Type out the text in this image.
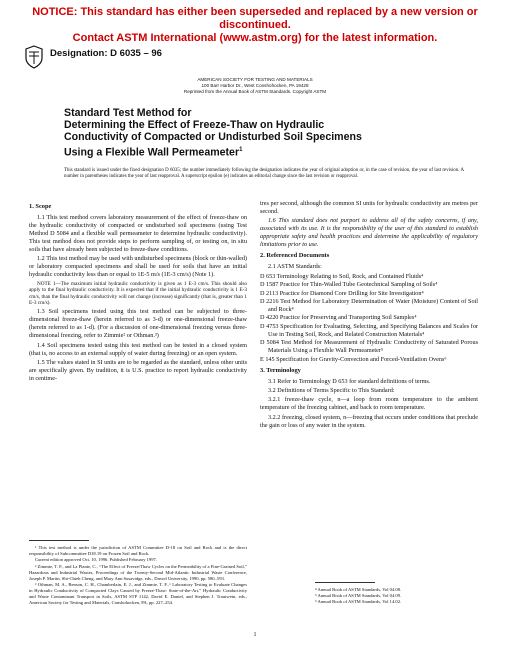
NOTICE: This standard has either been superseded and replaced by a new version or discontinued.
Contact ASTM International (www.astm.org) for the latest information.
Designation: D 6035 – 96
AMERICAN SOCIETY FOR TESTING AND MATERIALS
100 Barr Harbor Dr., West Conshohocken, PA 19428
Reprinted from the Annual Book of ASTM Standards. Copyright ASTM
Standard Test Method for
Determining the Effect of Freeze-Thaw on Hydraulic
Conductivity of Compacted or Undisturbed Soil Specimens
Using a Flexible Wall Permeameter$^1$
This standard is issued under the fixed designation D 6035; the number immediately following the designation indicates the year of original adoption or, in the case of revision, the year of last revision. A number in parentheses indicates the year of last reapproval. A superscript epsilon (e) indicates an editorial change since the last revision or reapproval.
1. Scope

1.1 This test method covers laboratory measurement of the effect of freeze-thaw on the hydraulic conductivity of compacted or undisturbed soil specimens (using Test Method D 5084 and a flexible wall permeameter to determine hydraulic conductivity). This test method does not provide steps to perform sampling of, or testing on, in situ soils that have already been subjected to freeze-thaw conditions.

1.2 This test method may be used with undisturbed specimens (block or thin-walled) or laboratory compacted specimens and shall be used for soils that have an initial hydraulic conductivity less than or equal to 1E-5 m/s (1E-3 cm/s) (Note 1).

NOTE 1—The maximum initial hydraulic conductivity is given as 1 E-3 cm/s. This should also apply to the final hydraulic conductivity. It is expected that if the initial hydraulic conductivity is 1 E-3 cm/s, than the final hydraulic conductivity will not change (increase) significantly (that is, greater than 1 E-3 cm/s).

1.3 Soil specimens tested using this test method can be subjected to three-dimensional freeze-thaw (herein referred to as 3-d) or one-dimensional freeze-thaw (herein referred to as 1-d). (For a discussion of one-dimensional freezing versus three-dimensional freezing, refer to Zimmie² or Othman.³)

1.4 Soil specimens tested using this test method can be tested in a closed system (that is, no access to an external supply of water during freezing) or an open system.

1.5 The values stated in SI units are to be regarded as the standard, unless other units are specifically given. By tradition, it is U.S. practice to report hydraulic conductivity in centime-

¹ This test method is under the jurisdiction of ASTM Committee D-18 on Soil and Rock and is the direct responsibility of Subcommittee D18.19 on Frozen Soil and Rock.

Current edition approved Oct. 10, 1996. Published February 1997.

² Zimmie, T. F., and La Plante, C., “The Effect of Freeze/Thaw Cycles on the Permeability of a Fine-Grained Soil,” Hazardous and Industrial Wastes, Proceedings of the Twenty-Second Mid-Atlantic Industrial Waste Conference, Joseph P. Martin, Shi-Chieh Cheng, and Mary Ann Susavidge, eds., Drexel University, 1990, pp. 580–593.

³ Othman, M. A., Benson, C. H., Chamberlain, E. J., and Zimmie, T. F.,“ Laboratory Testing to Evaluate Changes in Hydraulic Conductivity of Compacted Clays Caused by Freeze-Thaw: State-of-the-Art,” Hydraulic Conductivity and Waste Contaminant Transport in Soils, ASTM STP 1142, David E. Daniel, and Stephen J. Trautwein, eds., American Society for Testing and Materials, Conshohocken, PA, pp. 227–254.

tres per second, although the common SI units for hydraulic conductivity are metres per second.

1.6 This standard does not purport to address all of the safety concerns, if any, associated with its use. It is the responsibility of the user of this standard to establish appropriate safety and health practices and determine the applicability of regulatory limitations prior to use.

2. Referenced Documents

2.1 ASTM Standards:

D 653 Terminology Relating to Soil, Rock, and Contained Fluids⁴

D 1587 Practice for Thin-Walled Tube Geotechnical Sampling of Soils⁴

D 2113 Practice for Diamond Core Drilling for Site Investigation⁴

D 2216 Test Method for Laboratory Determination of Water (Moisture) Content of Soil and Rock⁴

D 4220 Practice for Preserving and Transporting Soil Samples⁴

D 4753 Specification for Evaluating, Selecting, and Specifying Balances and Scales for Use in Testing Soil, Rock, and Related Construction Materials⁴

D 5084 Test Method for Measurement of Hydraulic Conductivity of Saturated Porous Materials Using a Flexible Wall Permeameter⁵

E 145 Specification for Gravity-Convection and Forced-Ventilation Ovens⁶

3. Terminology

3.1 Refer to Terminology D 653 for standard definitions of terms.

3.2 Definitions of Terms Specific to This Standard:

3.2.1 freeze-thaw cycle, n—a loop from room temperature to the ambient temperature of the freezing cabinet, and back to room temperature.

3.2.2 freezing, closed system, n—freezing that occurs under conditions that preclude the gain or loss of any water in the system.

⁴ Annual Book of ASTM Standards, Vol 04.08.
⁵ Annual Book of ASTM Standards, Vol 04.09.
⁶ Annual Book of ASTM Standards, Vol 14.02.
1
